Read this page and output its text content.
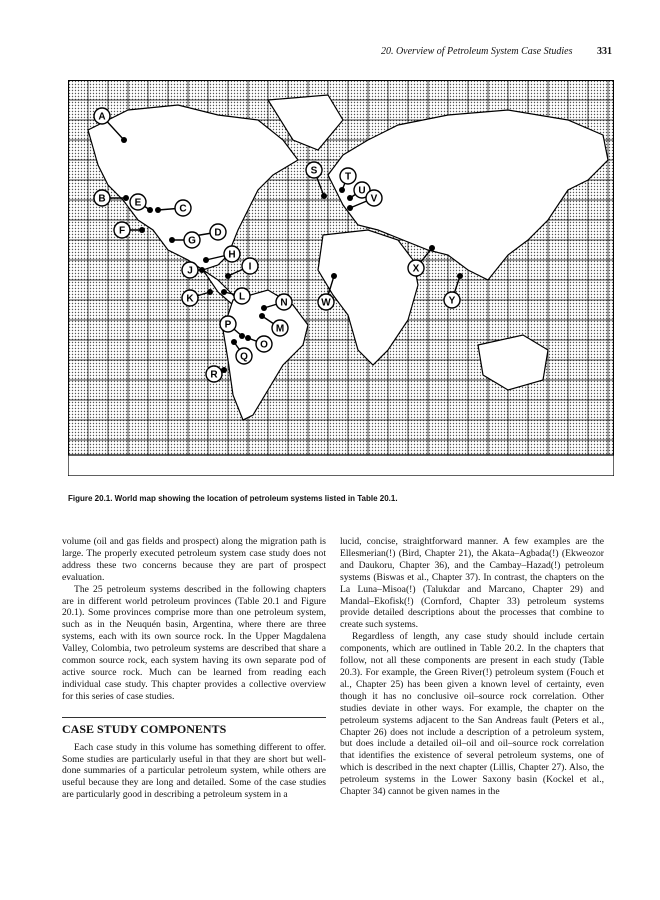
20. Overview of Petroleum System Case Studies 331
A
B
C
D
E
F
G
H
I
J
K	L
M
N
O
P
Q
R
S
T
U
V
W
X
Y
Figure 20.1. World map showing the location of petroleum systems listed in Table 20.1.

volume (oil and gas fields and prospect) along the migration path is large. The properly executed petroleum system case study does not address these two concerns because they are part of prospect evaluation.

The 25 petroleum systems described in the following chapters are in different world petroleum provinces (Table 20.1 and Figure 20.1). Some provinces comprise more than one petroleum system, such as in the Neuquén basin, Argentina, where there are three systems, each with its own source rock. In the Upper Magdalena Valley, Colombia, two petroleum systems are described that share a common source rock, each system having its own separate pod of active source rock. Much can be learned from reading each individual case study. This chapter provides a collective overview for this series of case studies.

CASE STUDY COMPONENTS

Each case study in this volume has something different to offer. Some studies are particularly useful in that they are short but well-done summaries of a particular petroleum system, while others are useful because they are long and detailed. Some of the case studies are particularly good in describing a petroleum system in a

lucid, concise, straightforward manner. A few examples are the Ellesmerian(!) (Bird, Chapter 21), the Akata–Agbada(!) (Ekweozor and Daukoru, Chapter 36), and the Cambay–Hazad(!) petroleum systems (Biswas et al., Chapter 37). In contrast, the chapters on the La Luna–Misoa(!) (Talukdar and Marcano, Chapter 29) and Mandal–Ekofisk(!) (Cornford, Chapter 33) petroleum systems provide detailed descriptions about the processes that combine to create such systems.

Regardless of length, any case study should include certain components, which are outlined in Table 20.2. In the chapters that follow, not all these components are present in each study (Table 20.3). For example, the Green River(!) petroleum system (Fouch et al., Chapter 25) has been given a known level of certainty, even though it has no conclusive oil–source rock correlation. Other studies deviate in other ways. For example, the chapter on the petroleum systems adjacent to the San Andreas fault (Peters et al., Chapter 26) does not include a description of a petroleum system, but does include a detailed oil–oil and oil–source rock correlation that identifies the existence of several petroleum systems, one of which is described in the next chapter (Lillis, Chapter 27). Also, the petroleum systems in the Lower Saxony basin (Kockel et al., Chapter 34) cannot be given names in the
